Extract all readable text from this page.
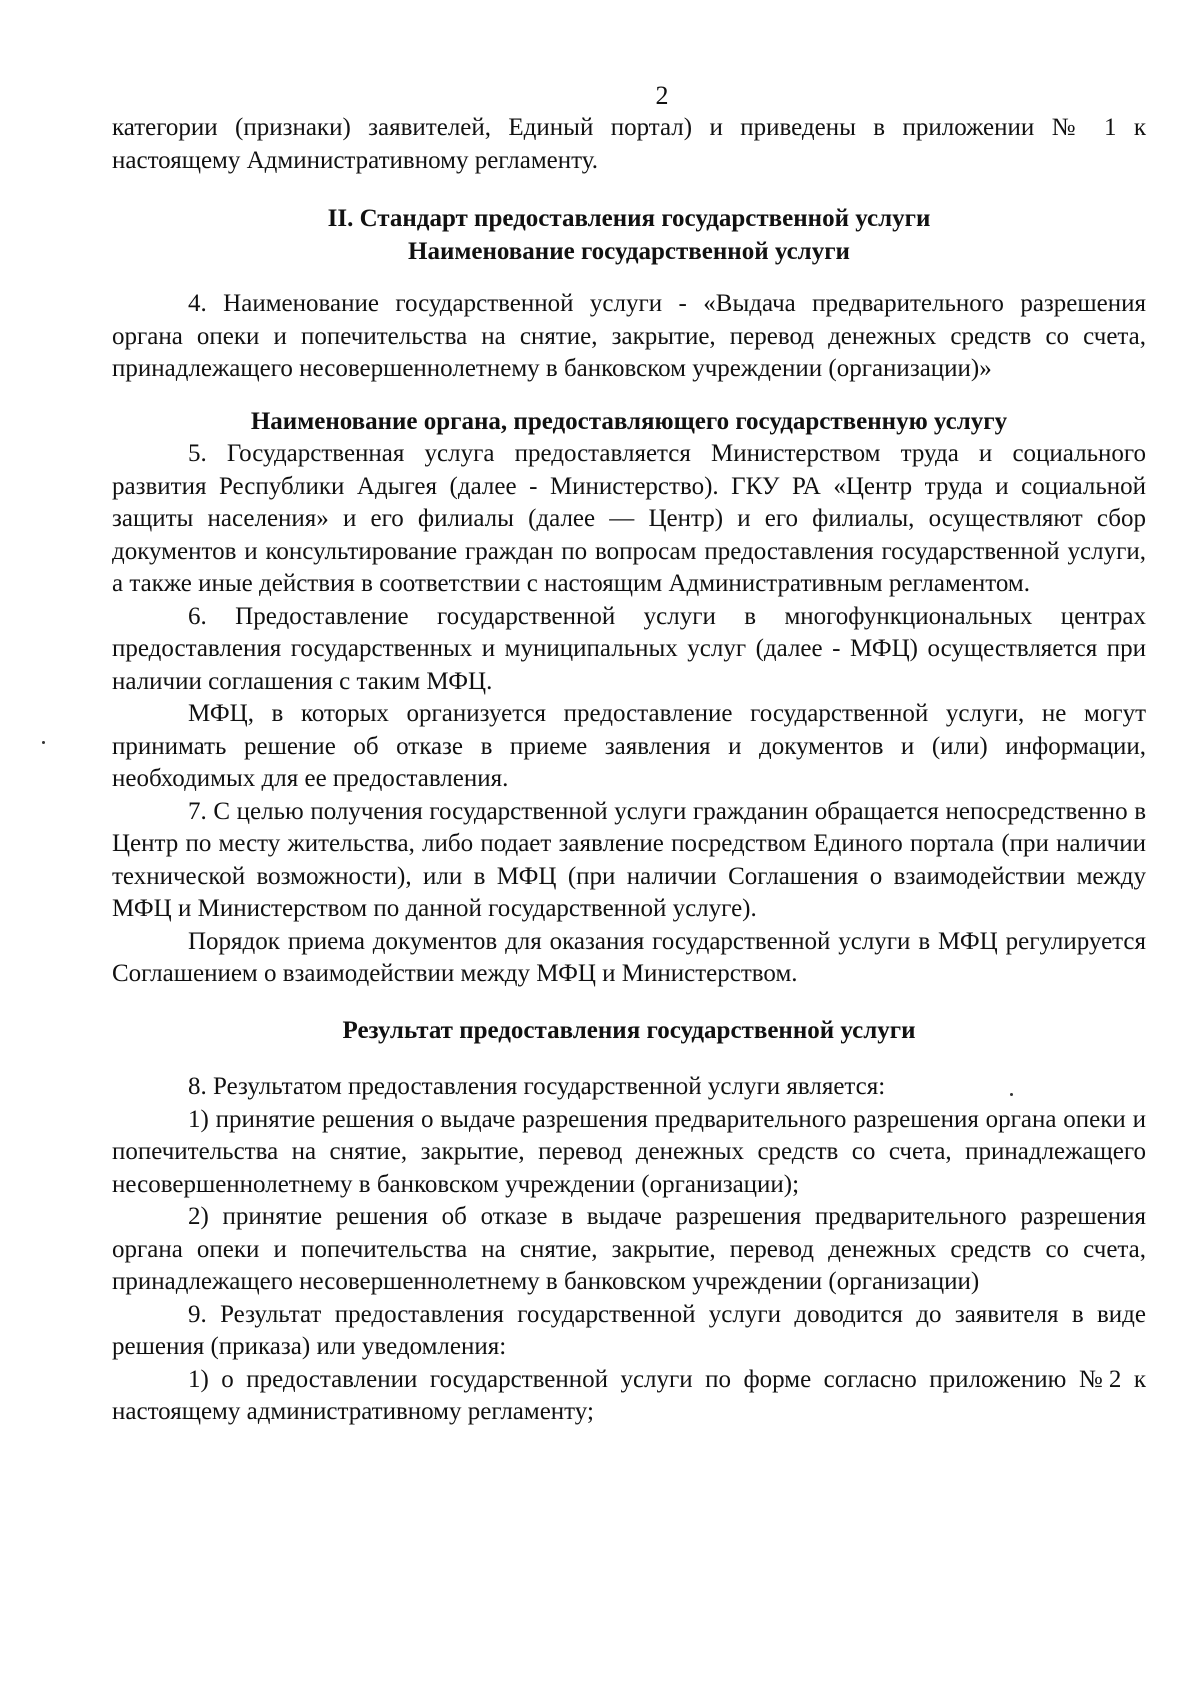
2

категории (признаки) заявителей, Единый портал) и приведены в приложении № 1 к настоящему Административному регламенту.

II. Стандарт предоставления государственной услуги
Наименование государственной услуги

4. Наименование государственной услуги - «Выдача предварительного разрешения органа опеки и попечительства на снятие, закрытие, перевод денежных средств со счета, принадлежащего несовершеннолетнему в банковском учреждении (организации)»

Наименование органа, предоставляющего государственную услугу

5. Государственная услуга предоставляется Министерством труда и социального развития Республики Адыгея (далее - Министерство). ГКУ РА «Центр труда и социальной защиты населения» и его филиалы (далее — Центр) и его филиалы, осуществляют сбор документов и консультирование граждан по вопросам предоставления государственной услуги, а также иные действия в соответствии с настоящим Административным регламентом.

6. Предоставление государственной услуги в многофункциональных центрах предоставления государственных и муниципальных услуг (далее - МФЦ) осуществляется при наличии соглашения с таким МФЦ.

МФЦ, в которых организуется предоставление государственной услуги, не могут принимать решение об отказе в приеме заявления и документов и (или) информации, необходимых для ее предоставления.

7. С целью получения государственной услуги гражданин обращается непосредственно в Центр по месту жительства, либо подает заявление посредством Единого портала (при наличии технической возможности), или в МФЦ (при наличии Соглашения о взаимодействии между МФЦ и Министерством по данной государственной услуге).

Порядок приема документов для оказания государственной услуги в МФЦ регулируется Соглашением о взаимодействии между МФЦ и Министерством.

Результат предоставления государственной услуги

8. Результатом предоставления государственной услуги является:

1) принятие решения о выдаче разрешения предварительного разрешения органа опеки и попечительства на снятие, закрытие, перевод денежных средств со счета, принадлежащего несовершеннолетнему в банковском учреждении (организации);

2) принятие решения об отказе в выдаче разрешения предварительного разрешения органа опеки и попечительства на снятие, закрытие, перевод денежных средств со счета, принадлежащего несовершеннолетнему в банковском учреждении (организации)

9. Результат предоставления государственной услуги доводится до заявителя в виде решения (приказа) или уведомления:

1) о предоставлении государственной услуги по форме согласно приложению №2 к настоящему административному регламенту;
